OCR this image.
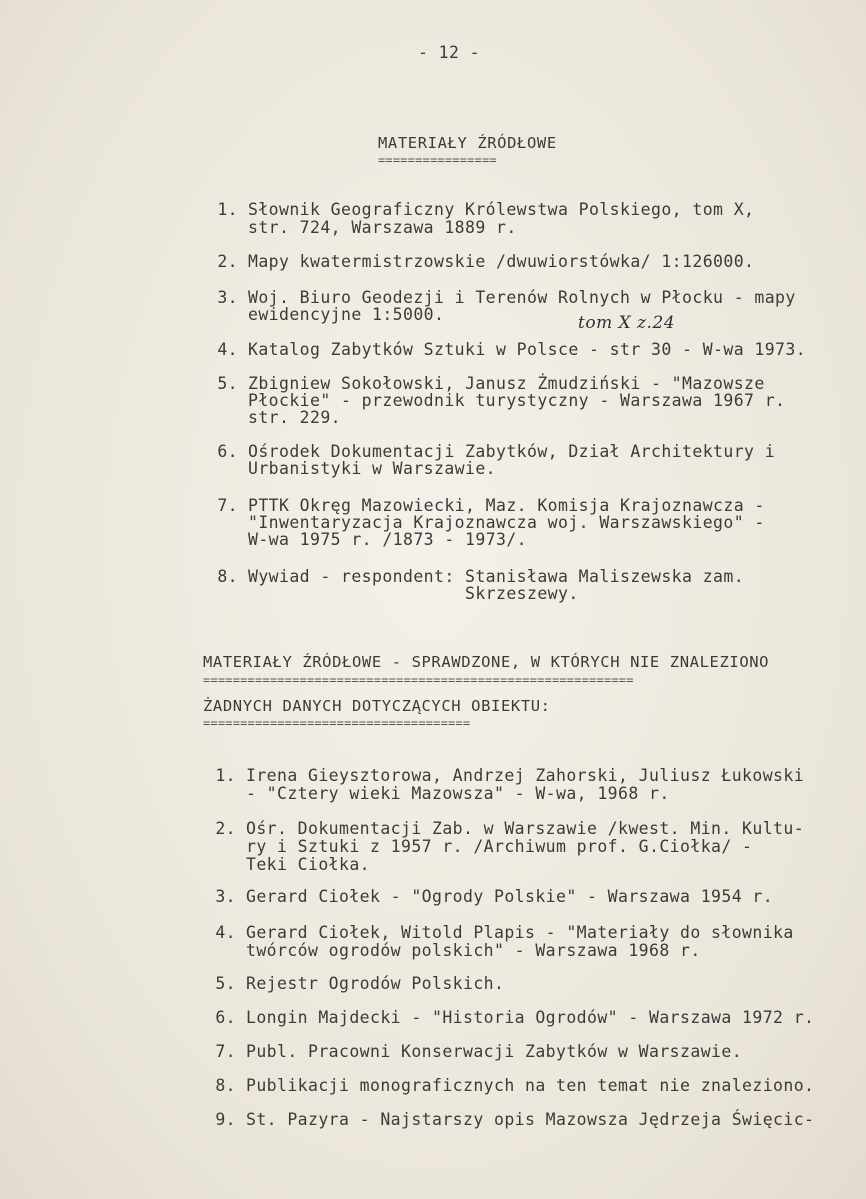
- 12 -
MATERIAŁY ŹRÓDŁOWE
================
1. Słownik Geograficzny Królewstwa Polskiego, tom X,
str. 724, Warszawa 1889 r.
2. Mapy kwatermistrzowskie /dwuwiorstówka/ 1:126000.
3. Woj. Biuro Geodezji i Terenów Rolnych w Płocku - mapy
ewidencyjne 1:5000.	tom X z.24
4. Katalog Zabytków Sztuki w Polsce - str 30 - W-wa 1973.
5. Zbigniew Sokołowski, Janusz Żmudziński - "Mazowsze
Płockie" - przewodnik turystyczny - Warszawa 1967 r.
str. 229.
6. Ośrodek Dokumentacji Zabytków, Dział Architektury i
Urbanistyki w Warszawie.
7. PTTK Okręg Mazowiecki, Maz. Komisja Krajoznawcza -
"Inwentaryzacja Krajoznawcza woj. Warszawskiego" -
W-wa 1975 r. /1873 - 1973/.
8. Wywiad - respondent: Stanisława Maliszewska zam.
Skrzeszewy.
MATERIAŁY ŹRÓDŁOWE - SPRAWDZONE, W KTÓRYCH NIE ZNALEZIONO
==========================================================
ŻADNYCH DANYCH DOTYCZĄCYCH OBIEKTU:
====================================
1. Irena Gieysztorowa, Andrzej Zahorski, Juliusz Łukowski
- "Cztery wieki Mazowsza" - W-wa, 1968 r.
2. Ośr. Dokumentacji Zab. w Warszawie /kwest. Min. Kultu-
ry i Sztuki z 1957 r. /Archiwum prof. G.Ciołka/ -
Teki Ciołka.
3. Gerard Ciołek - "Ogrody Polskie" - Warszawa 1954 r.
4. Gerard Ciołek, Witold Plapis - "Materiały do słownika
twórców ogrodów polskich" - Warszawa 1968 r.
5. Rejestr Ogrodów Polskich.
6. Longin Majdecki - "Historia Ogrodów" - Warszawa 1972 r.
7. Publ. Pracowni Konserwacji Zabytków w Warszawie.
8. Publikacji monograficznych na ten temat nie znaleziono.
9. St. Pazyra - Najstarszy opis Mazowsza Jędrzeja Święcic-
